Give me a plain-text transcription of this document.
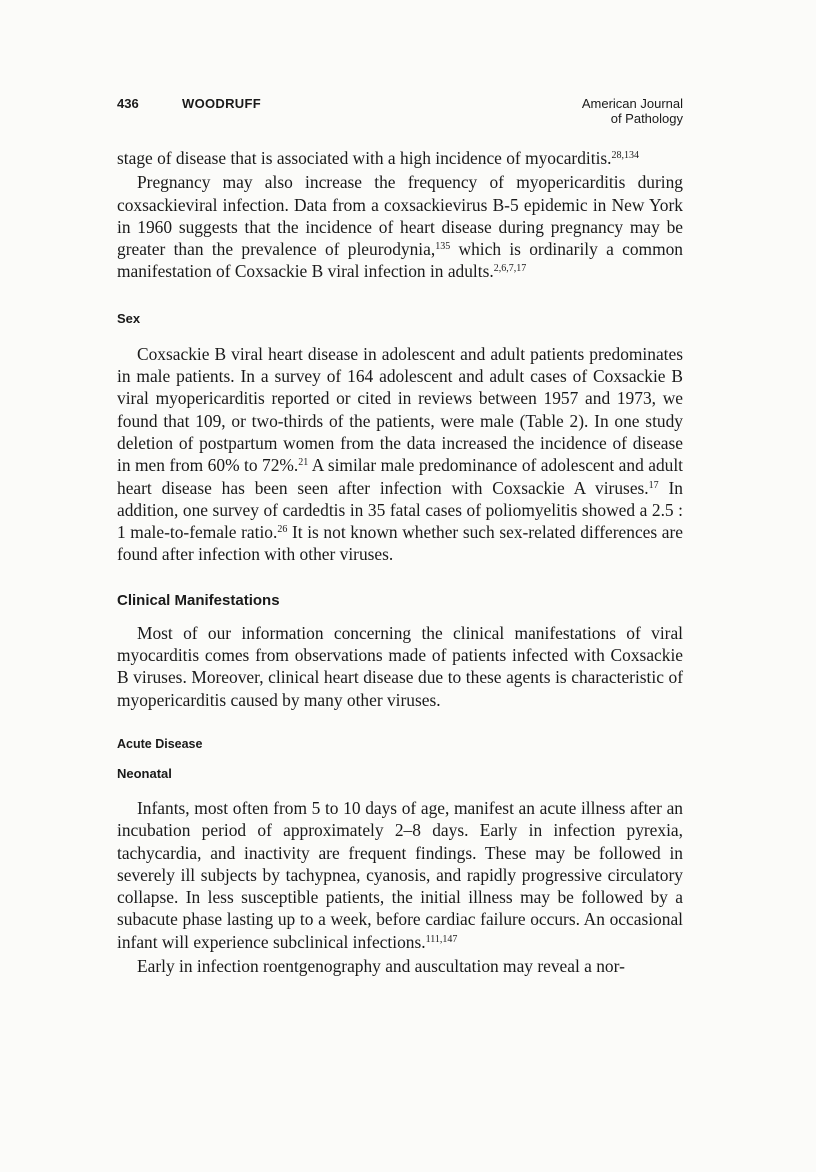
436	WOODRUFF	American Journal
of Pathology

stage of disease that is associated with a high incidence of myocarditis.$^{28,134}$

Pregnancy may also increase the frequency of myopericarditis during coxsackieviral infection. Data from a coxsackievirus B-5 epidemic in New York in 1960 suggests that the incidence of heart disease during pregnancy may be greater than the prevalence of pleurodynia,$^{135}$ which is ordinarily a common manifestation of Coxsackie B viral infection in adults.$^{2,6,7,17}$

Sex

Coxsackie B viral heart disease in adolescent and adult patients predominates in male patients. In a survey of 164 adolescent and adult cases of Coxsackie B viral myopericarditis reported or cited in reviews between 1957 and 1973, we found that 109, or two-thirds of the patients, were male (Table 2). In one study deletion of postpartum women from the data increased the incidence of disease in men from 60% to 72%.$^{21}$ A similar male predominance of adolescent and adult heart disease has been seen after infection with Coxsackie A viruses.$^{17}$ In addition, one survey of cardedtis in 35 fatal cases of poliomyelitis showed a 2.5 : 1 male-to-female ratio.$^{26}$ It is not known whether such sex-related differences are found after infection with other viruses.

Clinical Manifestations

Most of our information concerning the clinical manifestations of viral myocarditis comes from observations made of patients infected with Coxsackie B viruses. Moreover, clinical heart disease due to these agents is characteristic of myopericarditis caused by many other viruses.

Acute Disease
Neonatal

Infants, most often from 5 to 10 days of age, manifest an acute illness after an incubation period of approximately 2–8 days. Early in infection pyrexia, tachycardia, and inactivity are frequent findings. These may be followed in severely ill subjects by tachypnea, cyanosis, and rapidly progressive circulatory collapse. In less susceptible patients, the initial illness may be followed by a subacute phase lasting up to a week, before cardiac failure occurs. An occasional infant will experience subclinical infections.$^{111,147}$

Early in infection roentgenography and auscultation may reveal a nor-
